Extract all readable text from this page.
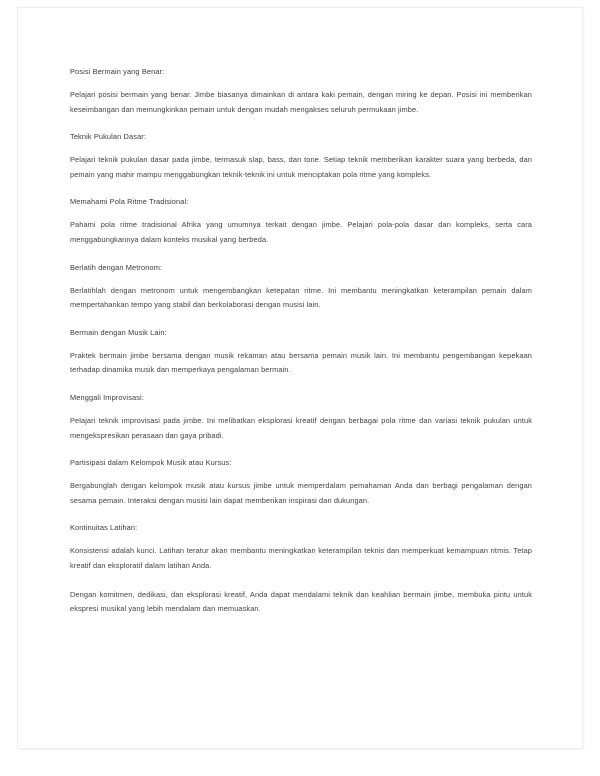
Posisi Bermain yang Benar:

Pelajari posisi bermain yang benar. Jimbe biasanya dimainkan di antara kaki pemain, dengan miring ke depan. Posisi ini memberikan keseimbangan dan memungkinkan pemain untuk dengan mudah mengakses seluruh permukaan jimbe.

Teknik Pukulan Dasar:

Pelajari teknik pukulan dasar pada jimbe, termasuk slap, bass, dan tone. Setiap teknik memberikan karakter suara yang berbeda, dan pemain yang mahir mampu menggabungkan teknik-teknik ini untuk menciptakan pola ritme yang kompleks.

Memahami Pola Ritme Tradisional:

Pahami pola ritme tradisional Afrika yang umumnya terkait dengan jimbe. Pelajari pola-pola dasar dan kompleks, serta cara menggabungkannya dalam konteks musikal yang berbeda.

Berlatih dengan Metronom:

Berlatihlah dengan metronom untuk mengembangkan ketepatan ritme. Ini membantu meningkatkan keterampilan pemain dalam mempertahankan tempo yang stabil dan berkolaborasi dengan musisi lain.

Bermain dengan Musik Lain:

Praktek bermain jimbe bersama dengan musik rekaman atau bersama pemain musik lain. Ini membantu pengembangan kepekaan terhadap dinamika musik dan memperkaya pengalaman bermain.

Menggali Improvisasi:

Pelajari teknik improvisasi pada jimbe. Ini melibatkan eksplorasi kreatif dengan berbagai pola ritme dan variasi teknik pukulan untuk mengekspresikan perasaan dan gaya pribadi.

Partisipasi dalam Kelompok Musik atau Kursus:

Bergabunglah dengan kelompok musik atau kursus jimbe untuk memperdalam pemahaman Anda dan berbagi pengalaman dengan sesama pemain. Interaksi dengan musisi lain dapat memberikan inspirasi dan dukungan.

Kontinuitas Latihan:

Konsistensi adalah kunci. Latihan teratur akan membantu meningkatkan keterampilan teknis dan memperkuat kemampuan ritmis. Tetap kreatif dan eksploratif dalam latihan Anda.

Dengan komitmen, dedikasi, dan eksplorasi kreatif, Anda dapat mendalami teknik dan keahlian bermain jimbe, membuka pintu untuk ekspresi musikal yang lebih mendalam dan memuaskan.
